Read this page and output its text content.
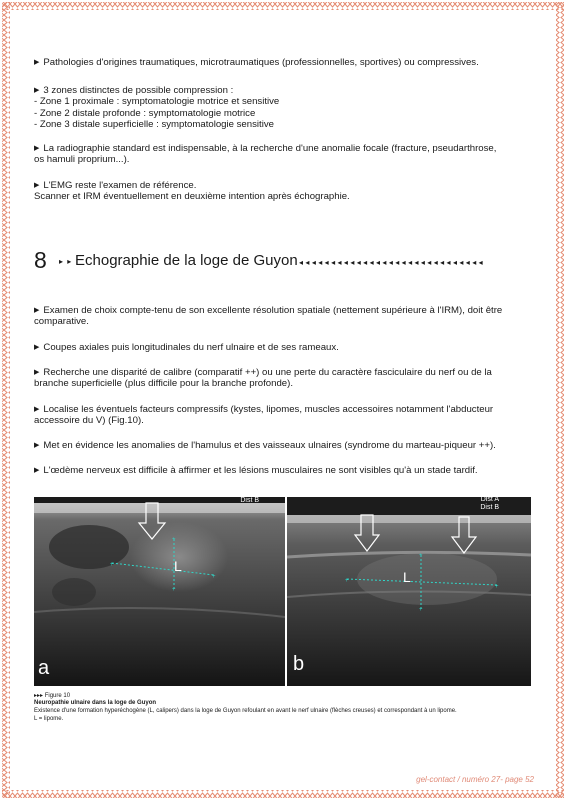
▶ Pathologies d'origines traumatiques, microtraumatiques (professionnelles, sportives) ou compressives.
▶ 3 zones distinctes de possible compression :
- Zone 1 proximale : symptomatologie motrice et sensitive
- Zone 2 distale profonde : symptomatologie motrice
- Zone 3 distale superficielle : symptomatologie sensitive
▶ La radiographie standard est indispensable, à la recherche d'une anomalie focale (fracture, pseudarthrose,
os hamuli proprium...).
▶ L'EMG reste l'examen de référence.
Scanner et IRM éventuellement en deuxième intention après échographie.
8 ▸ ▸ Echographie de la loge de Guyon ◂◂◂◂◂◂◂◂◂◂◂◂◂◂◂◂◂◂◂◂◂◂◂◂◂◂◂◂◂
▶ Examen de choix compte-tenu de son excellente résolution spatiale (nettement supérieure à l'IRM), doit être
comparative.
▶ Coupes axiales puis longitudinales du nerf ulnaire et de ses rameaux.
▶ Recherche une disparité de calibre (comparatif ++) ou une perte du caractère fasciculaire du nerf ou de la
branche superficielle (plus difficile pour la branche profonde).
▶ Localise les éventuels facteurs compressifs (kystes, lipomes, muscles accessoires notamment l'abducteur
accessoire du V) (Fig.10).
▶ Met en évidence les anomalies de l'hamulus et des vaisseaux ulnaires (syndrome du marteau-piqueur ++).
▶ L'œdème nerveux est difficile à affirmer et les lésions musculaires ne sont visibles qu'à un stade tardif.
+
+
+
+
Dist B
L
a
+
+
+
+
Dist A
Dist B
L
b
▸▸▸ Figure 10
Neuropathie ulnaire dans la loge de Guyon
Existence d'une formation hyperéchogène (L, calipers) dans la loge de Guyon refoulant en avant le nerf ulnaire (flèches creuses) et correspondant à un lipome.
L = lipome.
gel-contact / numéro 27- page 52
